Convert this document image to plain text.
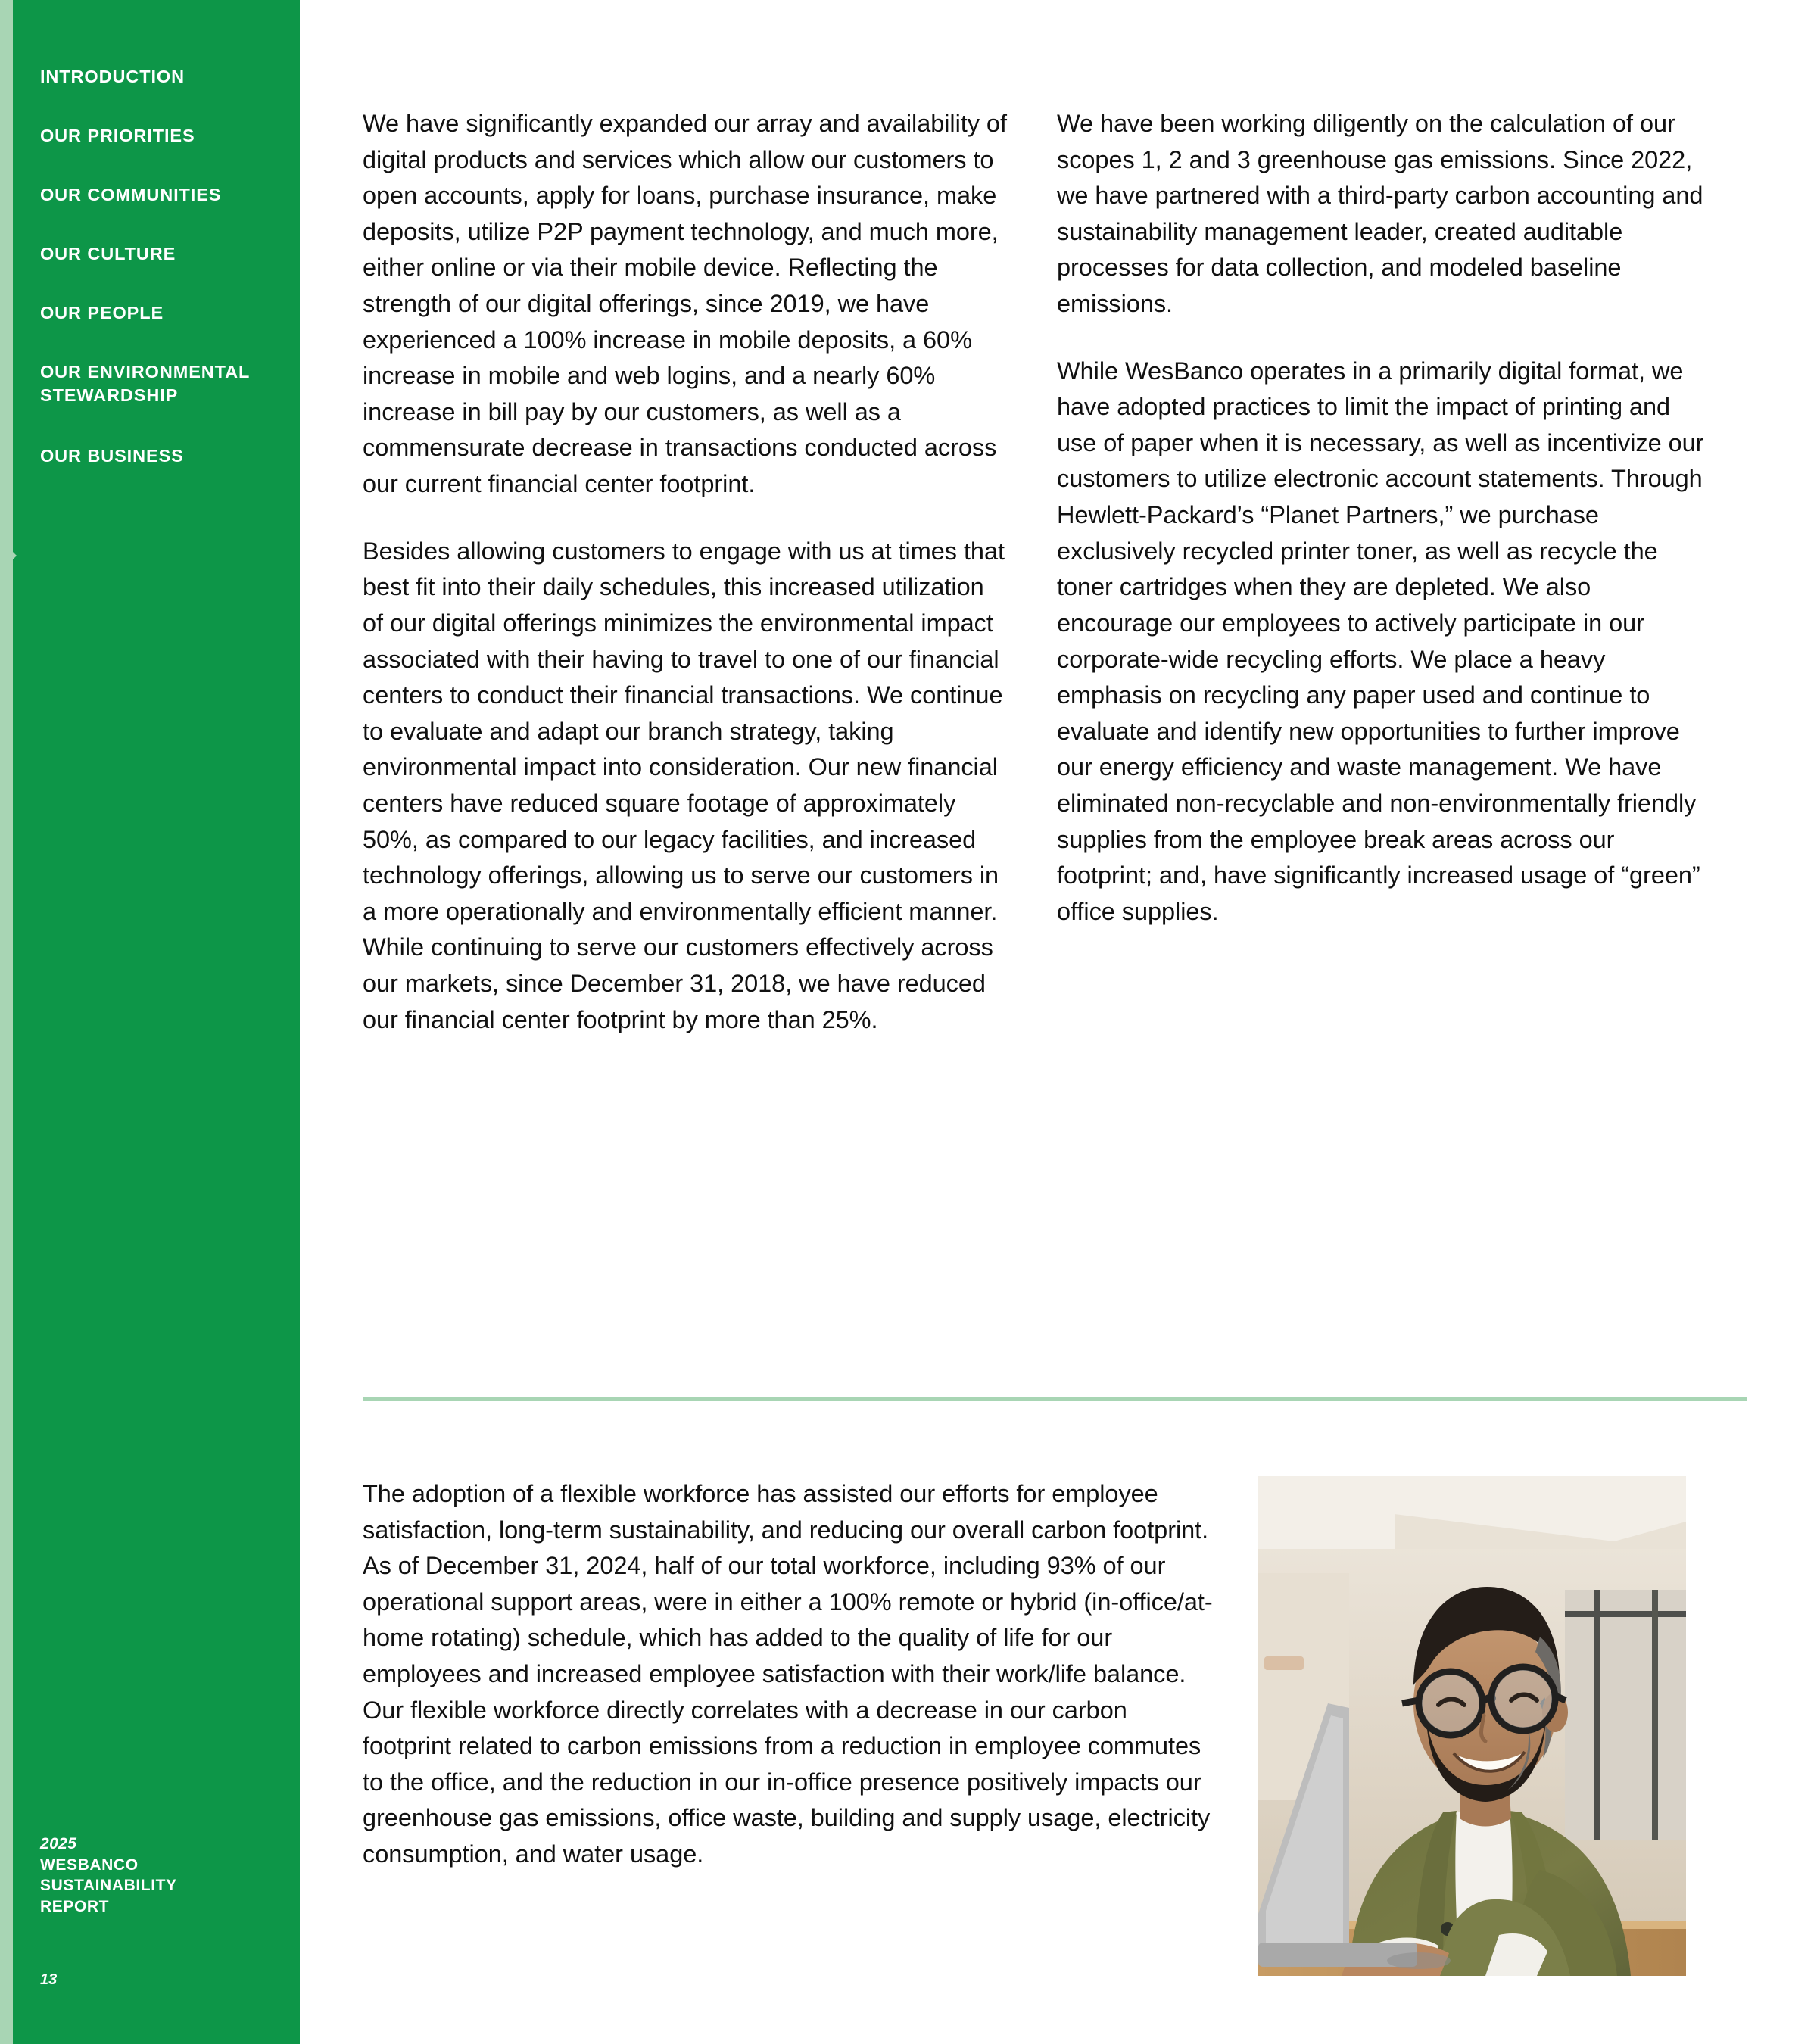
INTRODUCTION
OUR PRIORITIES
OUR COMMUNITIES
OUR CULTURE
OUR PEOPLE
OUR ENVIRONMENTAL STEWARDSHIP
OUR BUSINESS
2025
WESBANCO
SUSTAINABILITY
REPORT
13

We have significantly expanded our array and availability of digital products and services which allow our customers to open accounts, apply for loans, purchase insurance, make deposits, utilize P2P payment technology, and much more, either online or via their mobile device. Reflecting the strength of our digital offerings, since 2019, we have experienced a 100% increase in mobile deposits, a 60% increase in mobile and web logins, and a nearly 60% increase in bill pay by our customers, as well as a commensurate decrease in transactions conducted across our current financial center footprint.

Besides allowing customers to engage with us at times that best fit into their daily schedules, this increased utilization of our digital offerings minimizes the environmental impact associated with their having to travel to one of our financial centers to conduct their financial transactions. We continue to evaluate and adapt our branch strategy, taking environmental impact into consideration. Our new financial centers have reduced square footage of approximately 50%, as compared to our legacy facilities, and increased technology offerings, allowing us to serve our customers in a more operationally and environmentally efficient manner. While continuing to serve our customers effectively across our markets, since December 31, 2018, we have reduced our financial center footprint by more than 25%.

We have been working diligently on the calculation of our scopes 1, 2 and 3 greenhouse gas emissions. Since 2022, we have partnered with a third-party carbon accounting and sustainability management leader, created auditable processes for data collection, and modeled baseline emissions.

While WesBanco operates in a primarily digital format, we have adopted practices to limit the impact of printing and use of paper when it is necessary, as well as incentivize our customers to utilize electronic account statements. Through Hewlett-Packard’s “Planet Partners,” we purchase exclusively recycled printer toner, as well as recycle the toner cartridges when they are depleted. We also encourage our employees to actively participate in our corporate-wide recycling efforts. We place a heavy emphasis on recycling any paper used and continue to evaluate and identify new opportunities to further improve our energy efficiency and waste management. We have eliminated non-recyclable and non-environmentally friendly supplies from the employee break areas across our footprint; and, have significantly increased usage of “green” office supplies.

The adoption of a flexible workforce has assisted our efforts for employee satisfaction, long-term sustainability, and reducing our overall carbon footprint. As of December 31, 2024, half of our total workforce, including 93% of our operational support areas, were in either a 100% remote or hybrid (in-office/at-home rotating) schedule, which has added to the quality of life for our employees and increased employee satisfaction with their work/life balance. Our flexible workforce directly correlates with a decrease in our carbon footprint related to carbon emissions from a reduction in employee commutes to the office, and the reduction in our in-office presence positively impacts our greenhouse gas emissions, office waste, building and supply usage, electricity consumption, and water usage.
